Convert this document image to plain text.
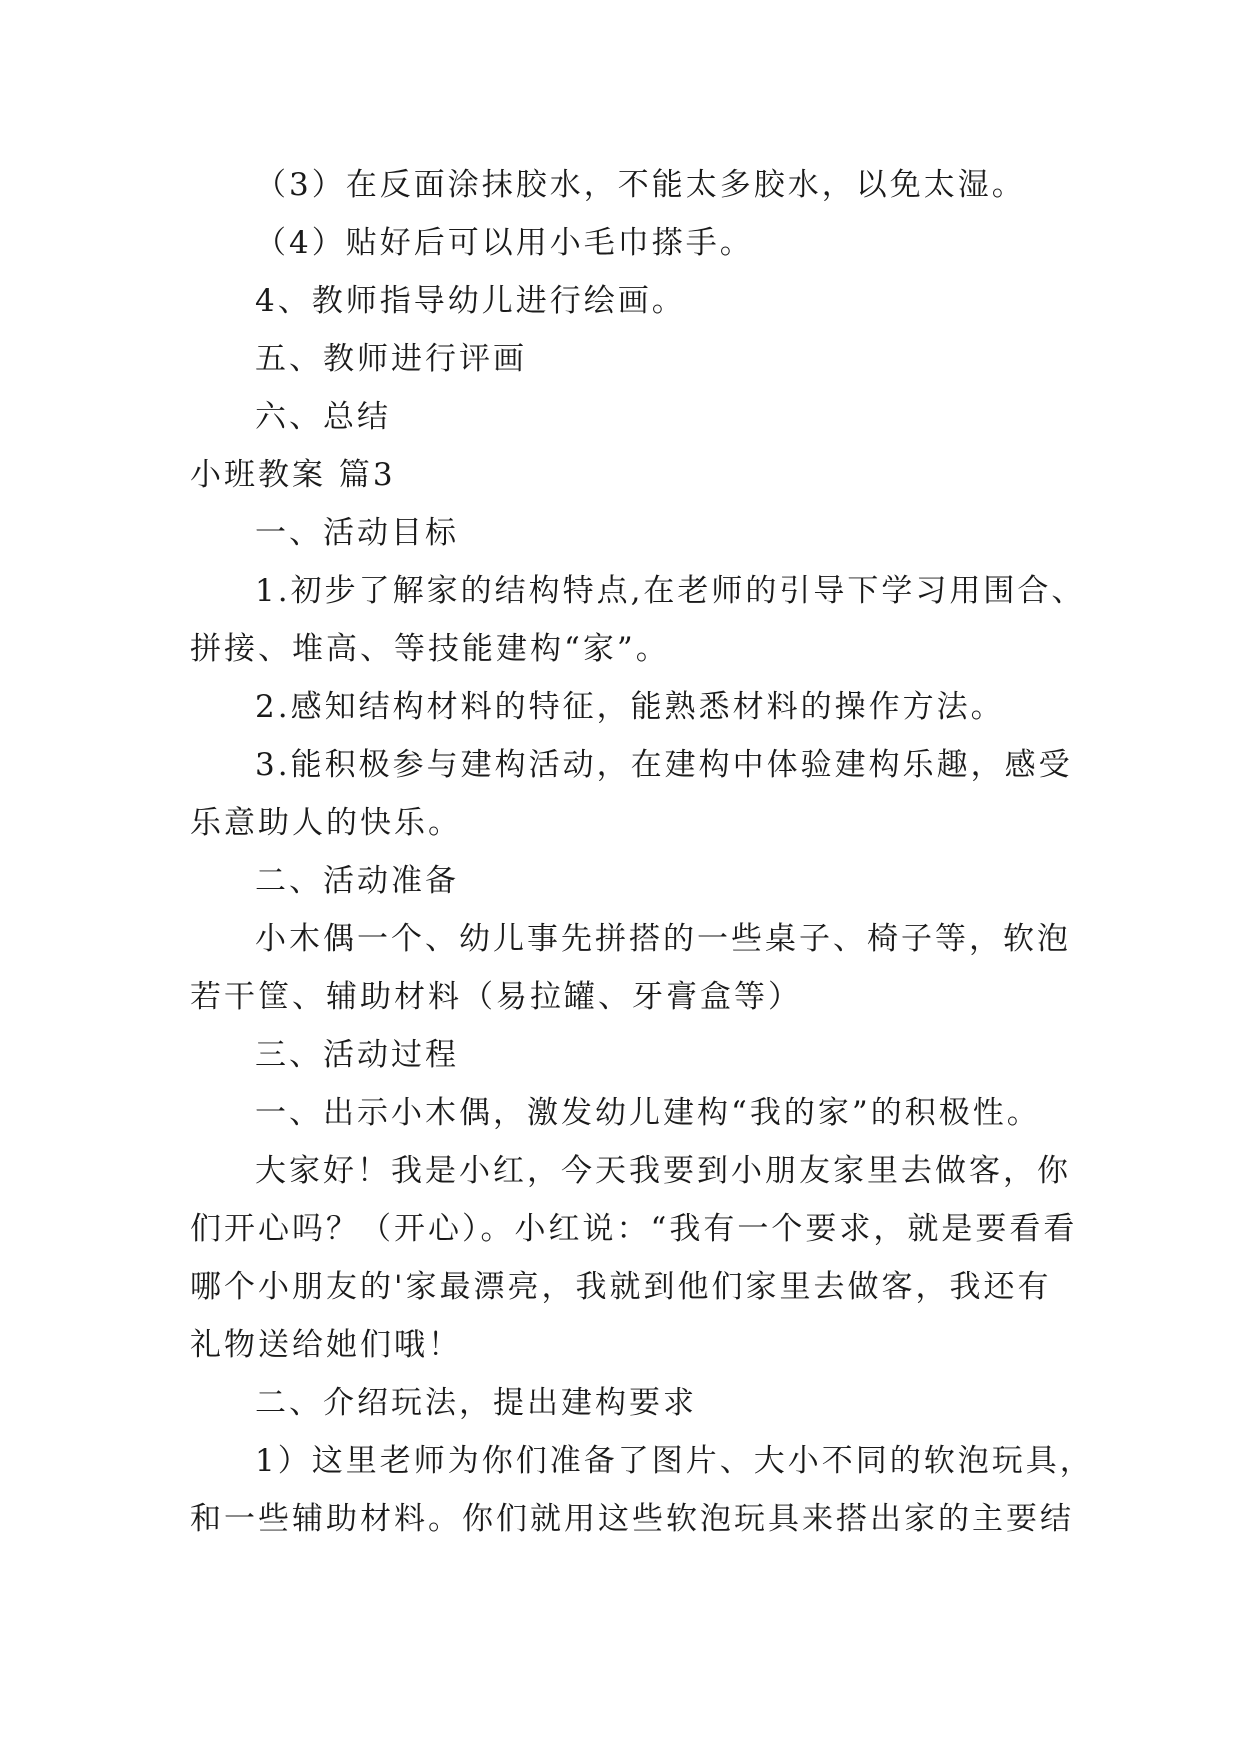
（3）在反面涂抹胶水，不能太多胶水，以免太湿。
（4）贴好后可以用小毛巾搽手。
4、教师指导幼儿进行绘画。
五、教师进行评画
六、总结
小班教案 篇3
一、活动目标
1.初步了解家的结构特点,在老师的引导下学习用围合、
拼接、堆高、等技能建构“家”。
2.感知结构材料的特征，能熟悉材料的操作方法。
3.能积极参与建构活动，在建构中体验建构乐趣，感受
乐意助人的快乐。
二、活动准备
小木偶一个、幼儿事先拼搭的一些桌子、椅子等，软泡
若干筐、辅助材料（易拉罐、牙膏盒等）
三、活动过程
一、出示小木偶，激发幼儿建构“我的家”的积极性。
大家好！我是小红，今天我要到小朋友家里去做客，你
们开心吗？（开心）。小红说：“我有一个要求，就是要看看
哪个小朋友的'家最漂亮，我就到他们家里去做客，我还有
礼物送给她们哦！
二、介绍玩法，提出建构要求
1）这里老师为你们准备了图片、大小不同的软泡玩具，
和一些辅助材料。你们就用这些软泡玩具来搭出家的主要结
